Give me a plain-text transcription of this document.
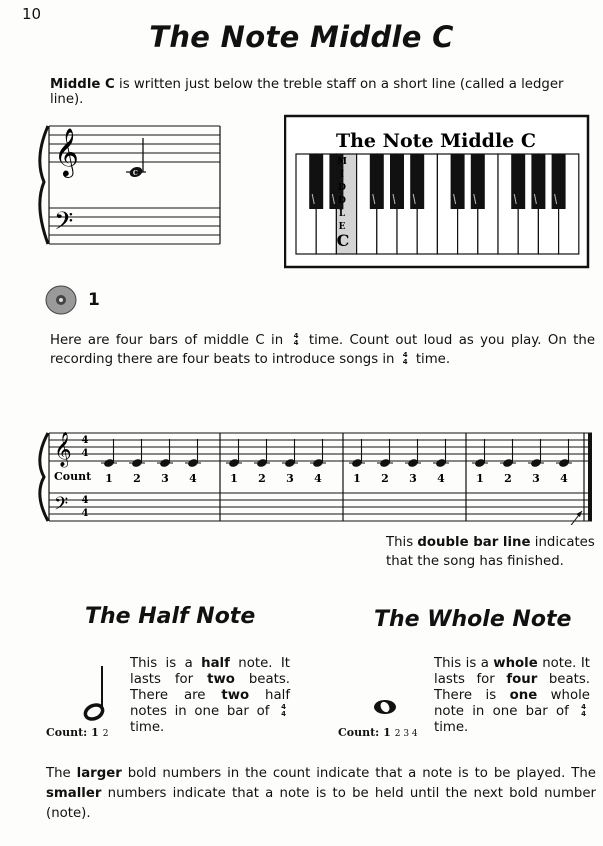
10
The Note Middle C
Middle C is written just below the treble staff on a short line (called a ledger line).
𝄞
𝄢
C
The Note Middle C
M
I
D
D
L
E
C
1
Here are four bars of middle C in 4
4 time. Count out loud as you play. On the recording there are four beats to introduce songs in 4
4 time.
𝄞
𝄢
4
4
4
4
Count 1 2 3 4	1 2 3 4	1 2 3 4	1 2 3 4
This double bar line indicates that the song has finished.
The Half Note
This is a half note. It lasts for two beats. There are two half notes in one bar of 4
4
time.
Count: 1 2
The Whole Note
This is a whole note. It lasts for four beats. There is one whole note in one bar of 4
4
time.
Count: 1 2 3 4
The larger bold numbers in the count indicate that a note is to be played. The smaller numbers indicate that a note is to be held until the next bold number (note).
